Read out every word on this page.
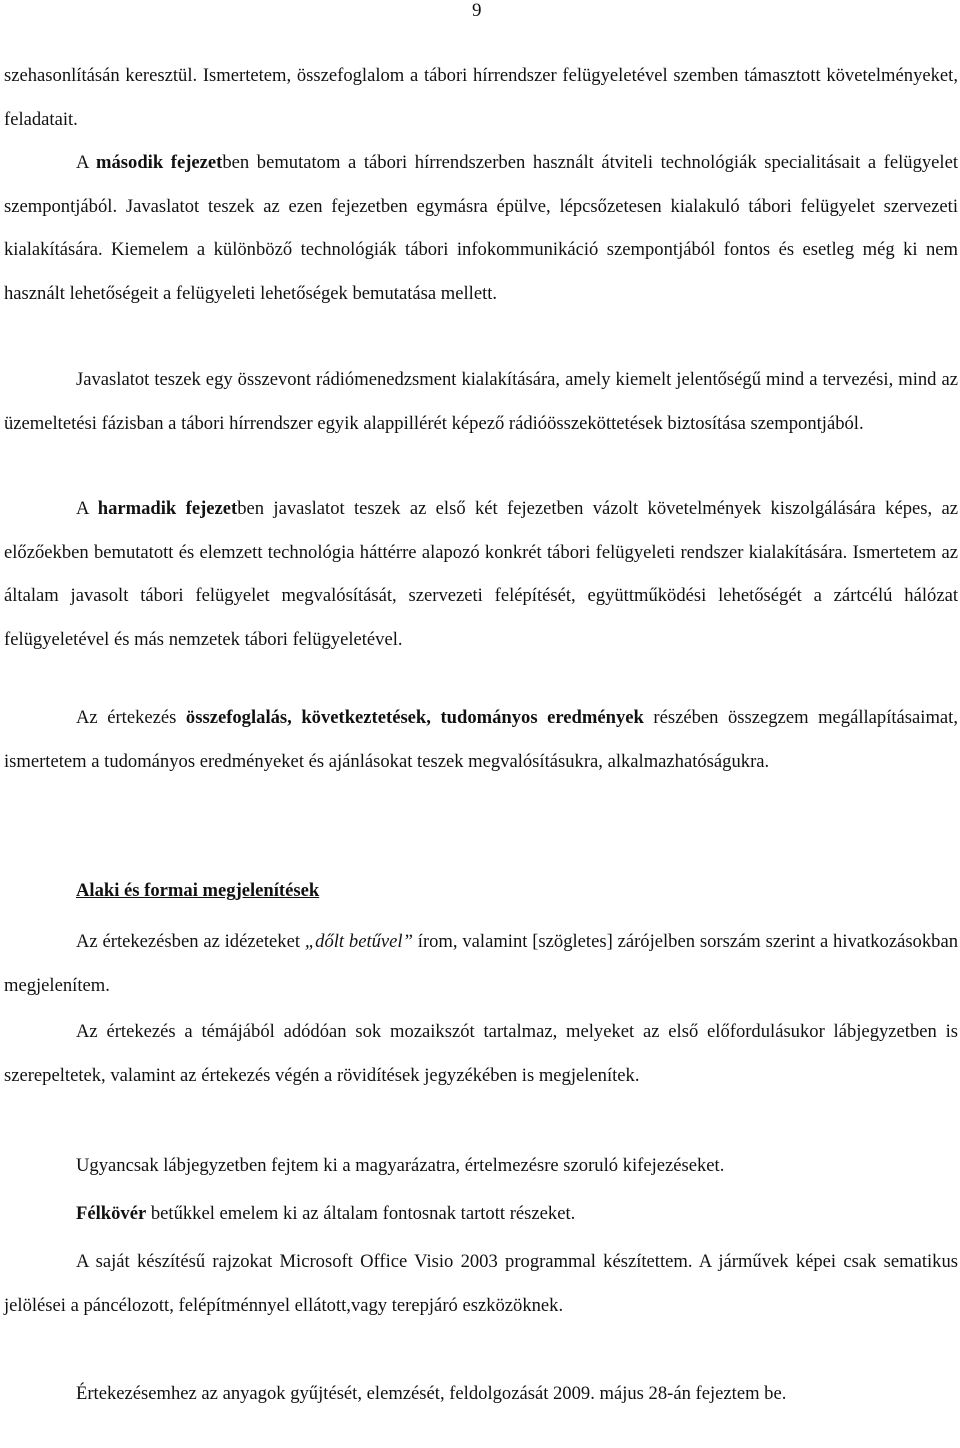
9

szehasonlításán keresztül. Ismertetem, összefoglalom a tábori hírrendszer felügyeletével szemben támasztott követelményeket, feladatait.

A második fejezetben bemutatom a tábori hírrendszerben használt átviteli technológiák specialitásait a felügyelet szempontjából. Javaslatot teszek az ezen fejezetben egymásra épülve, lépcsőzetesen kialakuló tábori felügyelet szervezeti kialakítására. Kiemelem a különböző technológiák tábori infokommunikáció szempontjából fontos és esetleg még ki nem használt lehetőségeit a felügyeleti lehetőségek bemutatása mellett.

Javaslatot teszek egy összevont rádiómenedzsment kialakítására, amely kiemelt jelentőségű mind a tervezési, mind az üzemeltetési fázisban a tábori hírrendszer egyik alappillérét képező rádióösszeköttetések biztosítása szempontjából.

A harmadik fejezetben javaslatot teszek az első két fejezetben vázolt követelmények kiszolgálására képes, az előzőekben bemutatott és elemzett technológia háttérre alapozó konkrét tábori felügyeleti rendszer kialakítására. Ismertetem az általam javasolt tábori felügyelet megvalósítását, szervezeti felépítését, együttműködési lehetőségét a zártcélú hálózat felügyeletével és más nemzetek tábori felügyeletével.

Az értekezés összefoglalás, következtetések, tudományos eredmények részében összegzem megállapításaimat, ismertetem a tudományos eredményeket és ajánlásokat teszek megvalósításukra, alkalmazhatóságukra.

Alaki és formai megjelenítések

Az értekezésben az idézeteket „dőlt betűvel” írom, valamint [szögletes] zárójelben sorszám szerint a hivatkozásokban megjelenítem.

Az értekezés a témájából adódóan sok mozaikszót tartalmaz, melyeket az első előfordulásukor lábjegyzetben is szerepeltetek, valamint az értekezés végén a rövidítések jegyzékében is megjelenítek.

Ugyancsak lábjegyzetben fejtem ki a magyarázatra, értelmezésre szoruló kifejezéseket.
Félkövér betűkkel emelem ki az általam fontosnak tartott részeket.

A saját készítésű rajzokat Microsoft Office Visio 2003 programmal készítettem. A járművek képei csak sematikus jelölései a páncélozott, felépítménnyel ellátott,vagy terepjáró eszközöknek.

Értekezésemhez az anyagok gyűjtését, elemzését, feldolgozását 2009. május 28-án fejeztem be.
